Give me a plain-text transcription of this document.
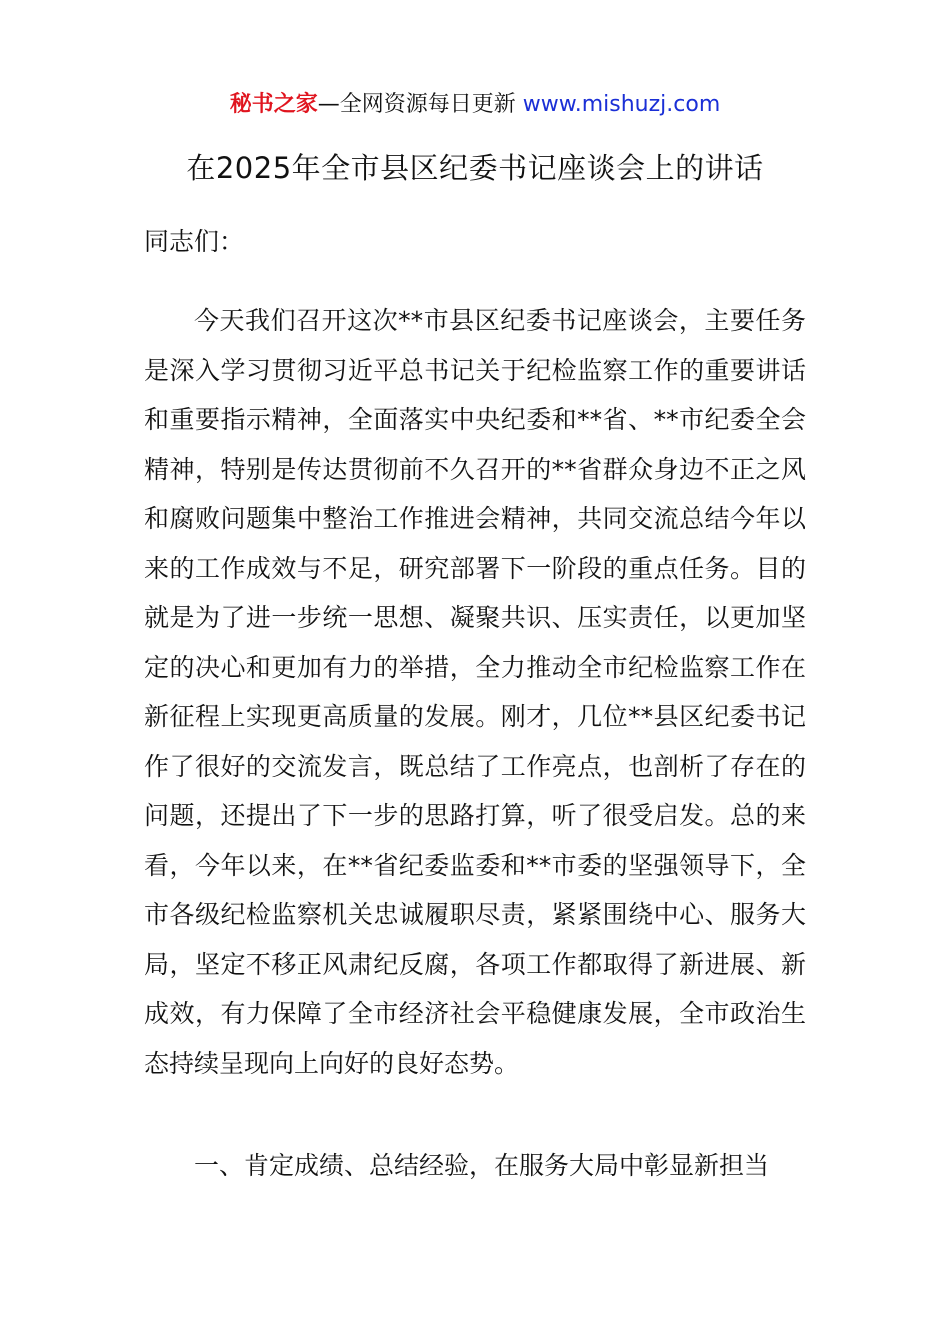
秘书之家—全网资源每日更新 www.mishuzj.com
在2025年全市县区纪委书记座谈会上的讲话
同志们：

今天我们召开这次**市县区纪委书记座谈会，主要任务是深入学习贯彻习近平总书记关于纪检监察工作的重要讲话和重要指示精神，全面落实中央纪委和**省、**市纪委全会精神，特别是传达贯彻前不久召开的**省群众身边不正之风和腐败问题集中整治工作推进会精神，共同交流总结今年以来的工作成效与不足，研究部署下一阶段的重点任务。目的就是为了进一步统一思想、凝聚共识、压实责任，以更加坚定的决心和更加有力的举措，全力推动全市纪检监察工作在新征程上实现更高质量的发展。刚才，几位**县区纪委书记作了很好的交流发言，既总结了工作亮点，也剖析了存在的问题，还提出了下一步的思路打算，听了很受启发。总的来看，今年以来，在**省纪委监委和**市委的坚强领导下，全市各级纪检监察机关忠诚履职尽责，紧紧围绕中心、服务大局，坚定不移正风肃纪反腐，各项工作都取得了新进展、新成效，有力保障了全市经济社会平稳健康发展，全市政治生态持续呈现向上向好的良好态势。

一、肯定成绩、总结经验，在服务大局中彰显新担当
